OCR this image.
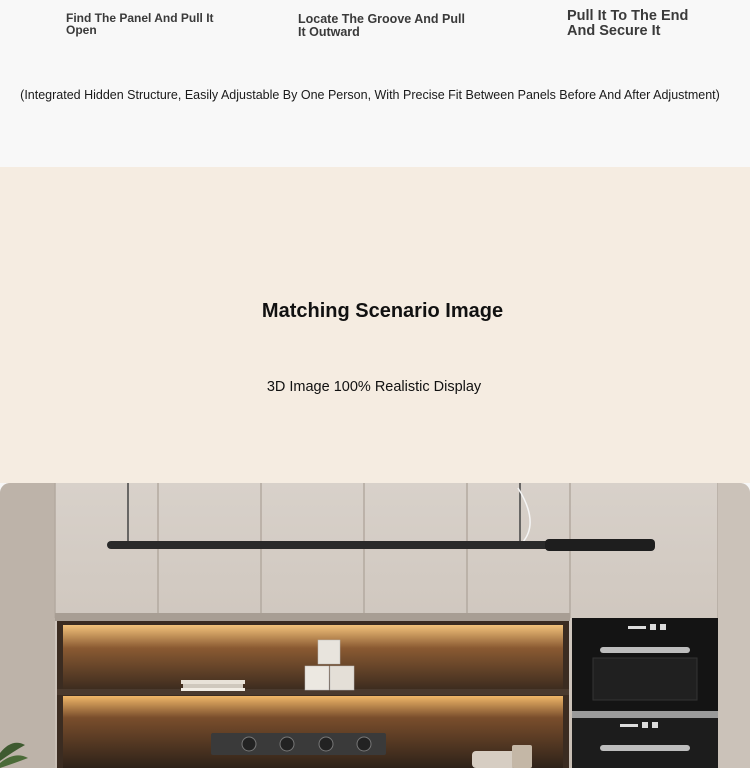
Find The Panel And Pull It Open
Locate The Groove And Pull It Outward
Pull It To The End And Secure It
(Integrated Hidden Structure, Easily Adjustable By One Person, With Precise Fit Between Panels Before And After Adjustment)
Matching Scenario Image
3D Image 100% Realistic Display
